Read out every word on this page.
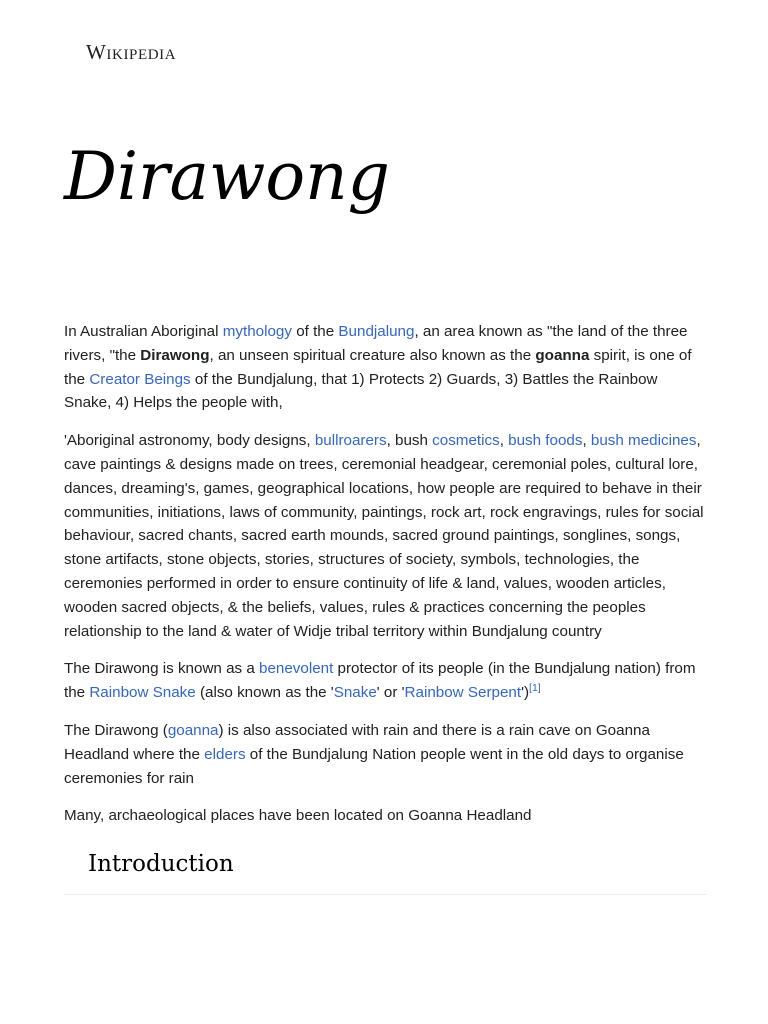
Wikipedia
Dirawong

In Australian Aboriginal mythology of the Bundjalung, an area known as "the land of the three rivers, "the Dirawong, an unseen spiritual creature also known as the goanna spirit, is one of the Creator Beings of the Bundjalung, that 1) Protects 2) Guards, 3) Battles the Rainbow Snake, 4) Helps the people with,

'Aboriginal astronomy, body designs, bullroarers, bush cosmetics, bush foods, bush medicines, cave paintings & designs made on trees, ceremonial headgear, ceremonial poles, cultural lore, dances, dreaming's, games, geographical locations, how people are required to behave in their communities, initiations, laws of community, paintings, rock art, rock engravings, rules for social behaviour, sacred chants, sacred earth mounds, sacred ground paintings, songlines, songs, stone artifacts, stone objects, stories, structures of society, symbols, technologies, the ceremonies performed in order to ensure continuity of life & land, values, wooden articles, wooden sacred objects, & the beliefs, values, rules & practices concerning the peoples relationship to the land & water of Widje tribal territory within Bundjalung country

The Dirawong is known as a benevolent protector of its people (in the Bundjalung nation) from the Rainbow Snake (also known as the 'Snake' or 'Rainbow Serpent')[1]

The Dirawong (goanna) is also associated with rain and there is a rain cave on Goanna Headland where the elders of the Bundjalung Nation people went in the old days to organise ceremonies for rain

Many, archaeological places have been located on Goanna Headland

Introduction
